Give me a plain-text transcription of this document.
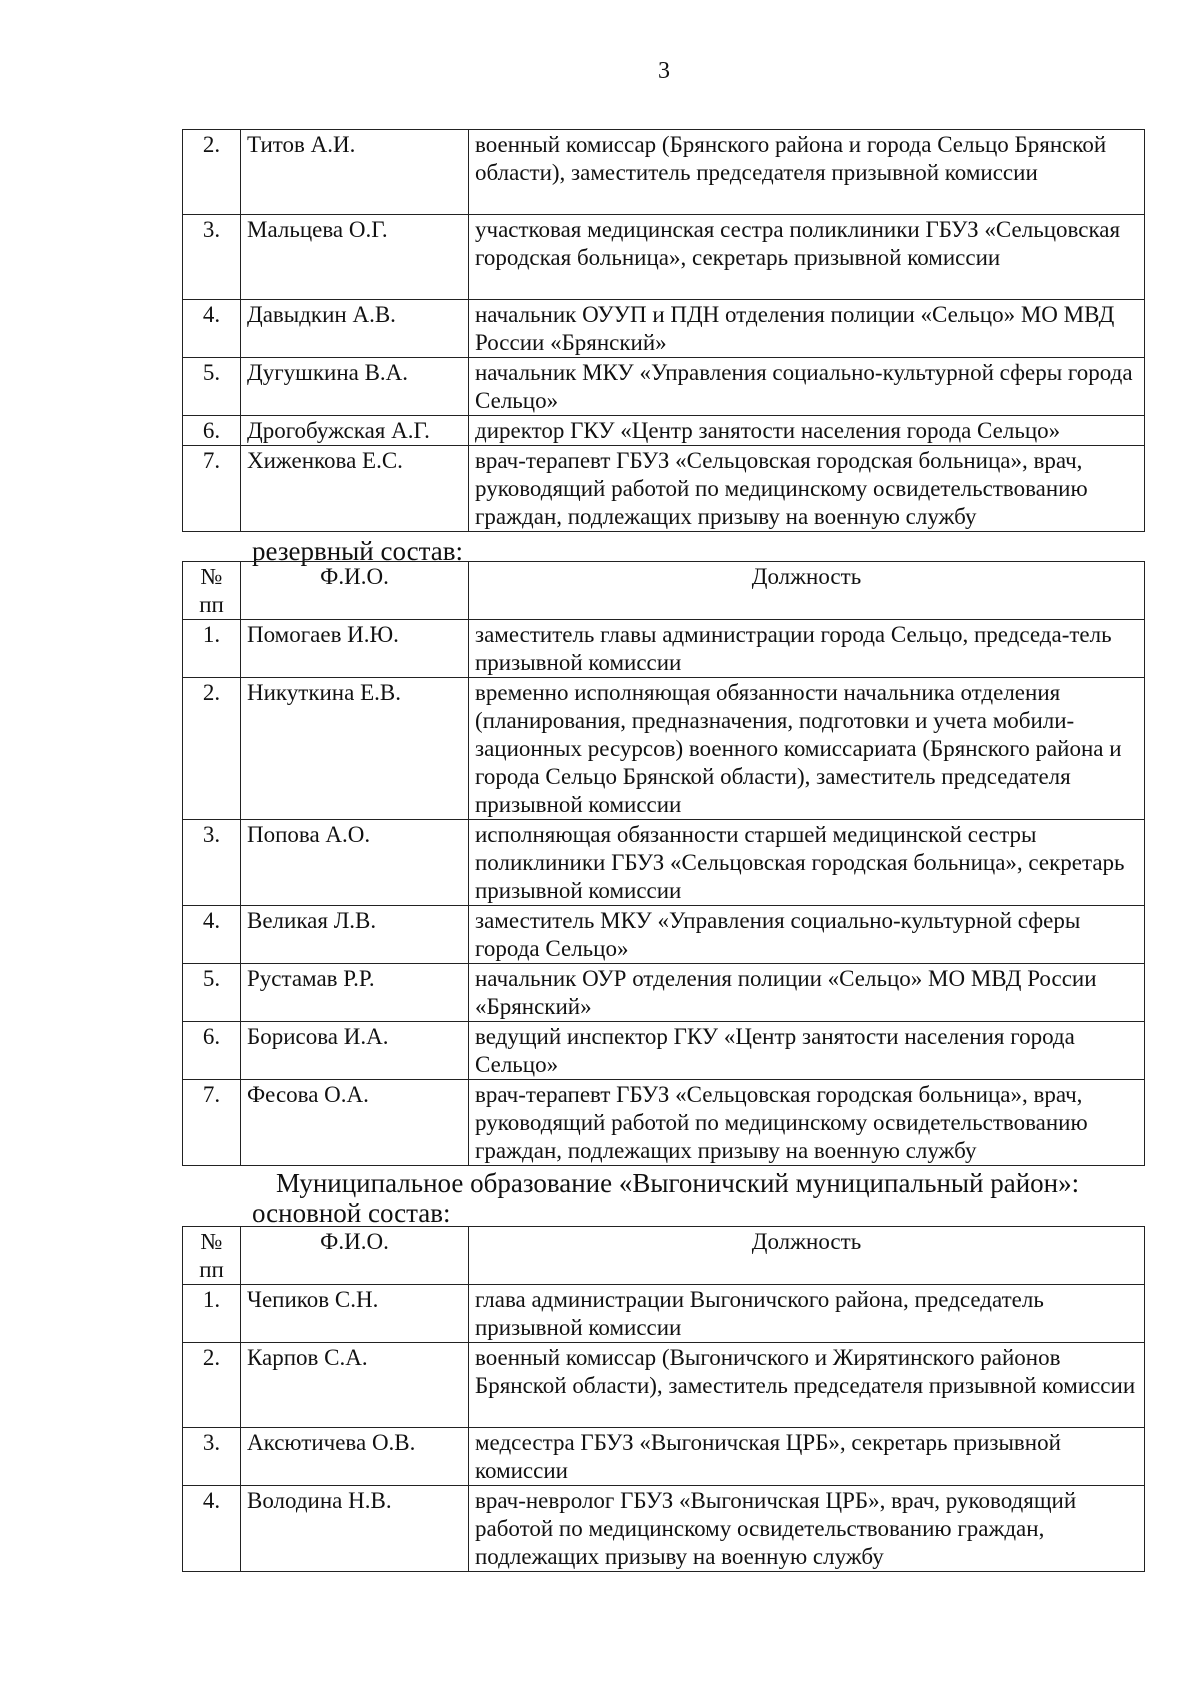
3
2.	Титов А.И.	военный комиссар (Брянского района и города Сельцо Брянской области), заместитель председателя призывной комиссии
3.	Мальцева О.Г.	участковая медицинская сестра поликлиники ГБУЗ «Сельцовская городская больница», секретарь призывной комиссии
4.	Давыдкин А.В.	начальник ОУУП и ПДН отделения полиции «Сельцо» МО МВД России «Брянский»
5.	Дугушкина В.А.	начальник МКУ «Управления социально-культурной сферы города Сельцо»
6.	Дрогобужская А.Г.	директор ГКУ «Центр занятости населения города Сельцо»
7.	Хиженкова Е.С.	врач-терапевт ГБУЗ «Сельцовская городская больница», врач, руководящий работой по медицинскому освидетельствованию граждан, подлежащих призыву на военную службу
резервный состав:
№ пп	Ф.И.О.	Должность
1.	Помогаев И.Ю.	заместитель главы администрации города Сельцо, председа-тель призывной комиссии
2.	Никуткина Е.В.	временно исполняющая обязанности начальника отделения (планирования, предназначения, подготовки и учета мобили-зационных ресурсов) военного комиссариата (Брянского района и города Сельцо Брянской области), заместитель председателя призывной комиссии
3.	Попова А.О.	исполняющая обязанности старшей медицинской сестры поликлиники ГБУЗ «Сельцовская городская больница», секретарь призывной комиссии
4.	Великая Л.В.	заместитель МКУ «Управления социально-культурной сферы города Сельцо»
5.	Рустамав Р.Р.	начальник ОУР отделения полиции «Сельцо» МО МВД России «Брянский»
6.	Борисова И.А.	ведущий инспектор ГКУ «Центр занятости населения города Сельцо»
7.	Фесова О.А.	врач-терапевт ГБУЗ «Сельцовская городская больница», врач, руководящий работой по медицинскому освидетельствованию граждан, подлежащих призыву на военную службу
Муниципальное образование «Выгоничский муниципальный район»:
основной состав:
№ пп	Ф.И.О.	Должность
1.	Чепиков С.Н.	глава администрации Выгоничского района, председатель призывной комиссии
2.	Карпов С.А.	военный комиссар (Выгоничского и Жирятинского районов Брянской области), заместитель председателя призывной комиссии
3.	Аксютичева О.В.	медсестра ГБУЗ «Выгоничская ЦРБ», секретарь призывной комиссии
4.	Володина Н.В.	врач-невролог ГБУЗ «Выгоничская ЦРБ», врач, руководящий работой по медицинскому освидетельствованию граждан, подлежащих призыву на военную службу
